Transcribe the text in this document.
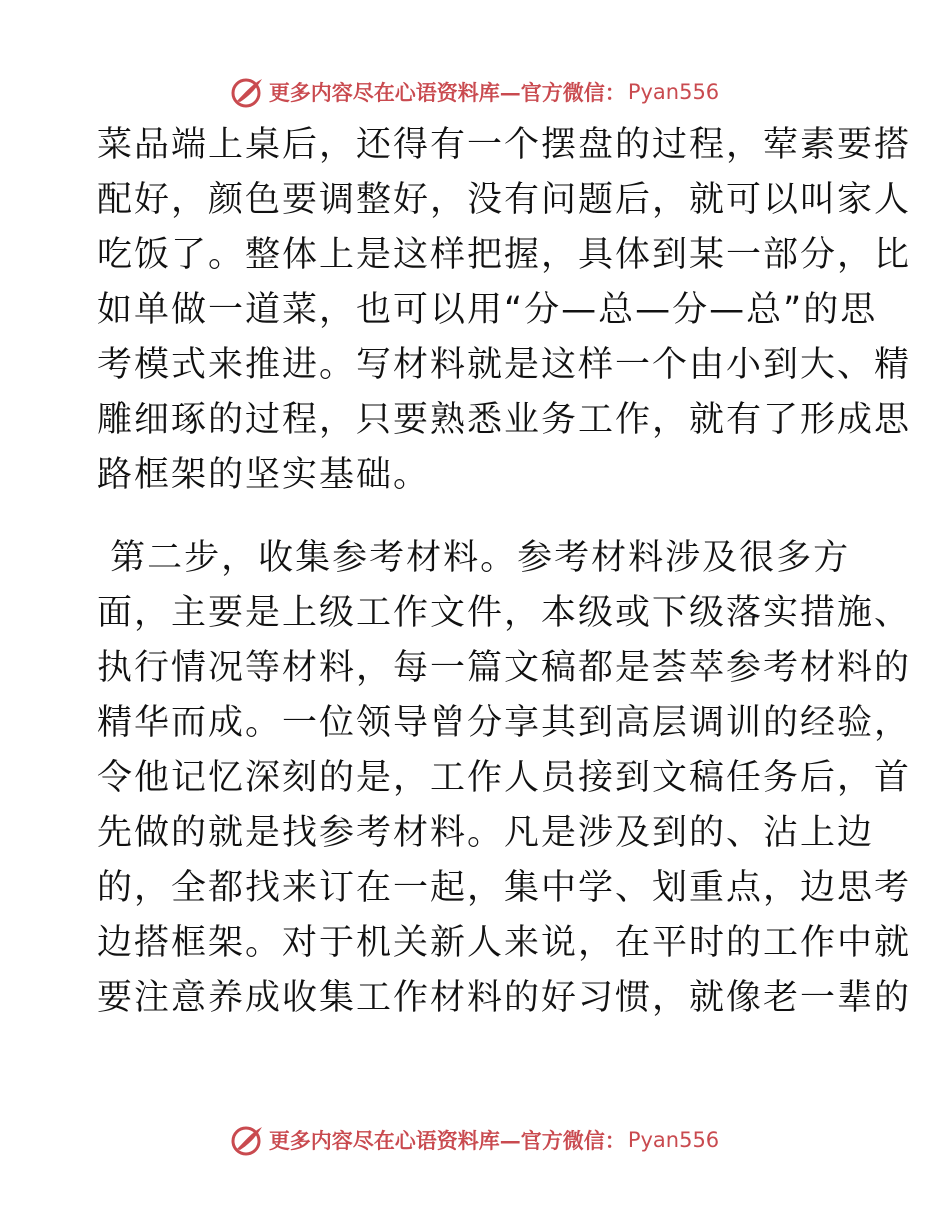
更多内容尽在心语资料库—官方微信： Pyan556
菜品端上桌后，还得有一个摆盘的过程，荤素要搭
配好，颜色要调整好，没有问题后，就可以叫家人
吃饭了。整体上是这样把握，具体到某一部分，比
如单做一道菜，也可以用“分—总—分—总”的思
考模式来推进。写材料就是这样一个由小到大、精
雕细琢的过程，只要熟悉业务工作，就有了形成思
路框架的坚实基础。
第二步，收集参考材料。参考材料涉及很多方
面，主要是上级工作文件，本级或下级落实措施、
执行情况等材料，每一篇文稿都是荟萃参考材料的
精华而成。一位领导曾分享其到高层调训的经验，
令他记忆深刻的是，工作人员接到文稿任务后，首
先做的就是找参考材料。凡是涉及到的、沾上边
的，全都找来订在一起，集中学、划重点，边思考
边搭框架。对于机关新人来说，在平时的工作中就
要注意养成收集工作材料的好习惯，就像老一辈的
更多内容尽在心语资料库—官方微信： Pyan556
